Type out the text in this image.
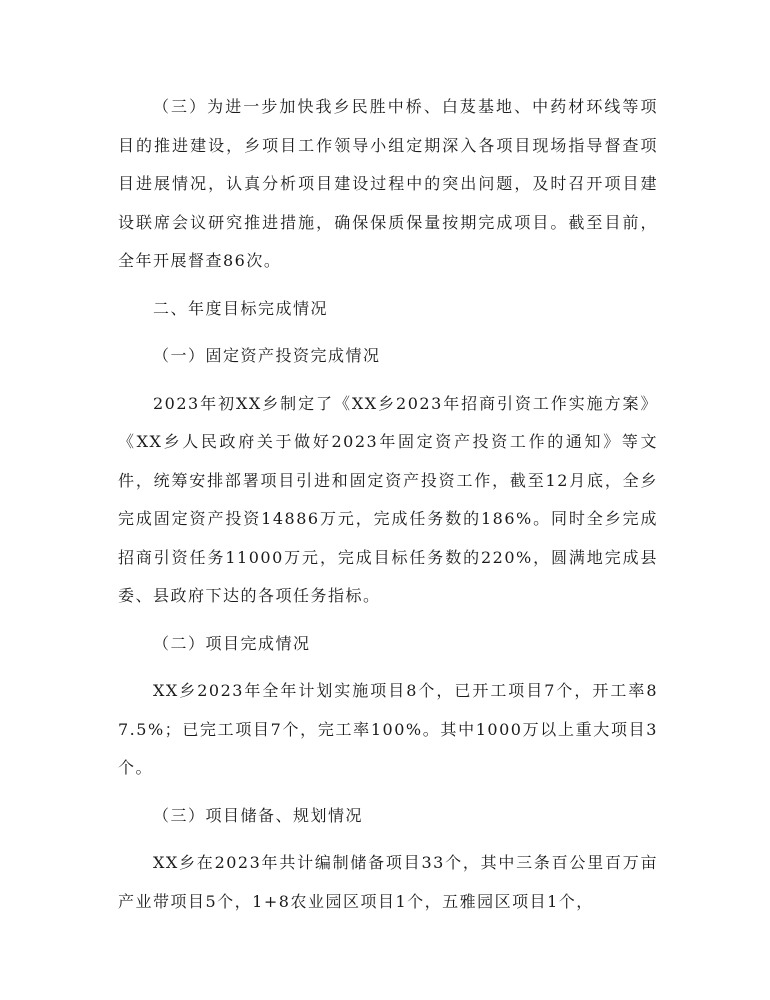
（三）为进一步加快我乡民胜中桥、白芨基地、中药材环线等项目的推进建设，乡项目工作领导小组定期深入各项目现场指导督查项目进展情况，认真分析项目建设过程中的突出问题，及时召开项目建设联席会议研究推进措施，确保保质保量按期完成项目。截至目前，全年开展督查86次。

二、年度目标完成情况

（一）固定资产投资完成情况

2023年初XX乡制定了《XX乡2023年招商引资工作实施方案》《XX乡人民政府关于做好2023年固定资产投资工作的通知》等文件，统筹安排部署项目引进和固定资产投资工作，截至12月底，全乡完成固定资产投资14886万元，完成任务数的186%。同时全乡完成招商引资任务11000万元，完成目标任务数的220%，圆满地完成县委、县政府下达的各项任务指标。

（二）项目完成情况

XX乡2023年全年计划实施项目8个，已开工项目7个，开工率87.5%；已完工项目7个，完工率100%。其中1000万以上重大项目3个。

（三）项目储备、规划情况

XX乡在2023年共计编制储备项目33个，其中三条百公里百万亩产业带项目5个，1+8农业园区项目1个，五雅园区项目1个，
